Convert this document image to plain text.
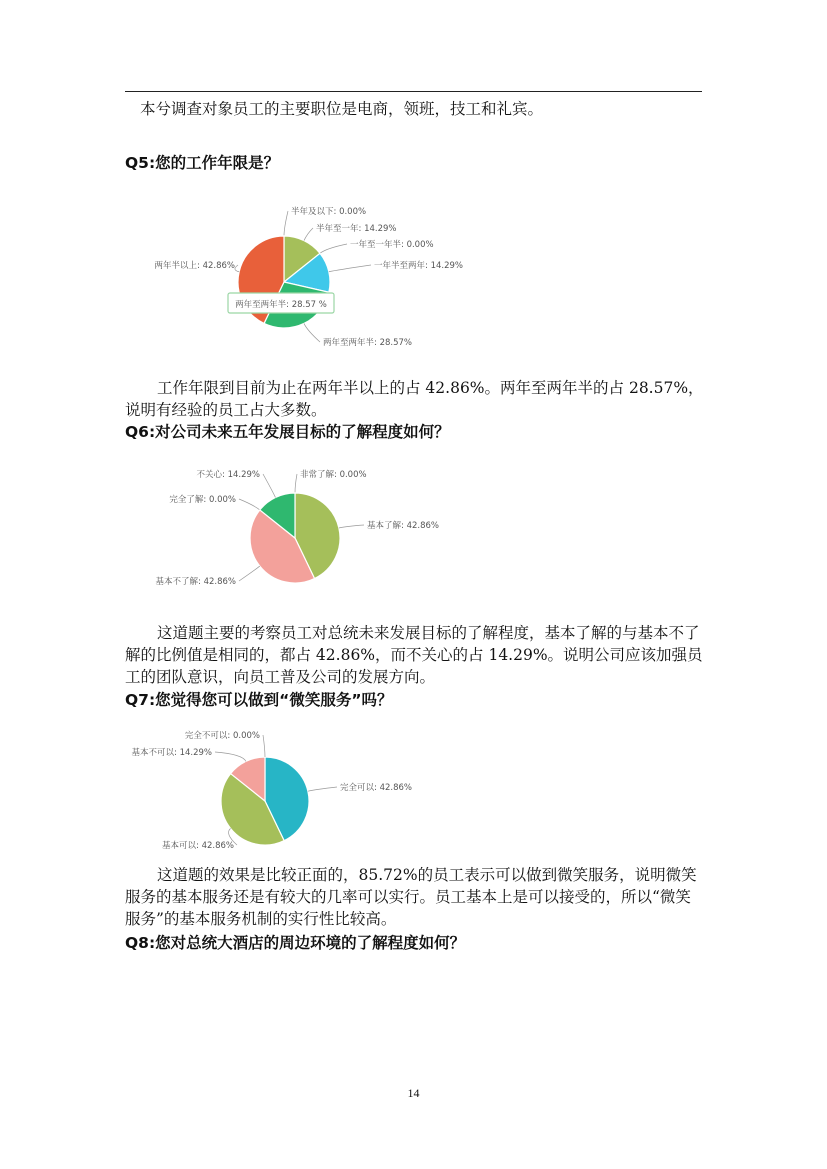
本兮调查对象员工的主要职位是电商，领班，技工和礼宾。

Q5:您的工作年限是？

半年及以下: 0.00%
半年至一年: 14.29%
一年至一年半: 0.00%
一年半至两年: 14.29%
两年至两年半: 28.57%
两年半以上: 42.86%
两年至两年半: 28.57 %

工作年限到目前为止在两年半以上的占 42.86%。两年至两年半的占 28.57%，说明有经验的员工占大多数。

Q6:对公司未来五年发展目标的了解程度如何？

非常了解: 0.00%
基本了解: 42.86%
基本不了解: 42.86%
完全了解: 0.00%
不关心: 14.29%

这道题主要的考察员工对总统未来发展目标的了解程度，基本了解的与基本不了解的比例值是相同的，都占 42.86%，而不关心的占 14.29%。说明公司应该加强员工的团队意识，向员工普及公司的发展方向。

Q7:您觉得您可以做到“微笑服务”吗？

完全可以: 42.86%
基本可以: 42.86%
基本不可以: 14.29%
完全不可以: 0.00%

这道题的效果是比较正面的，85.72%的员工表示可以做到微笑服务，说明微笑服务的基本服务还是有较大的几率可以实行。员工基本上是可以接受的，所以“微笑服务”的基本服务机制的实行性比较高。

Q8:您对总统大酒店的周边环境的了解程度如何？

14
